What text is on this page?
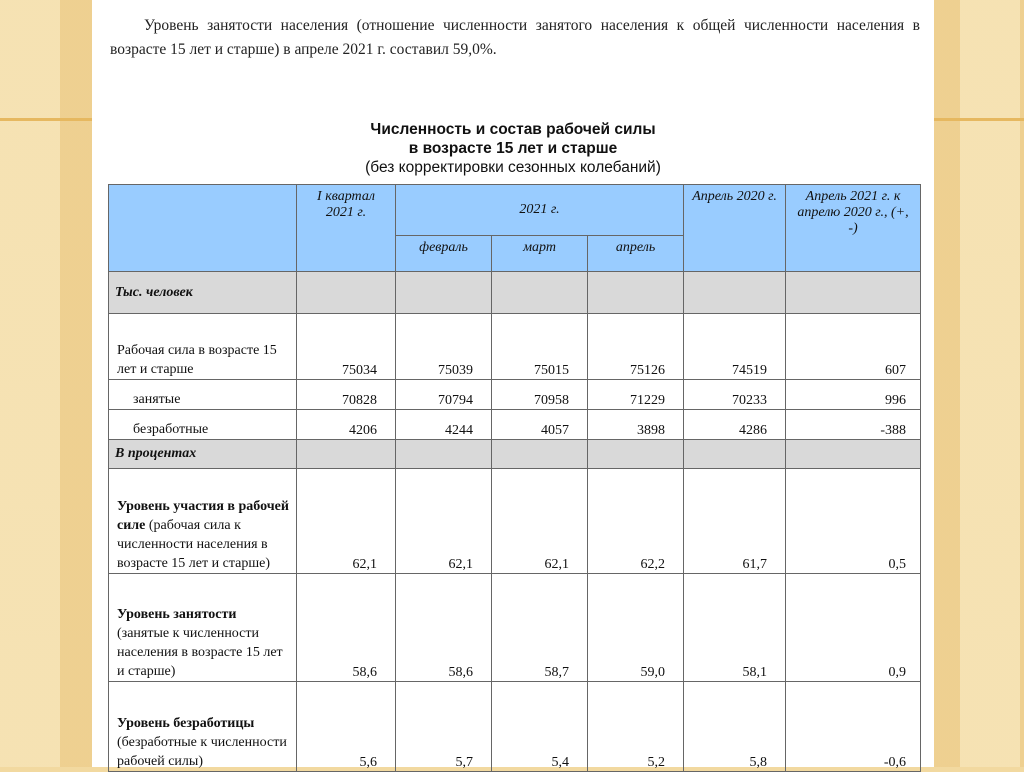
Уровень занятости населения (отношение численности занятого населения к общей численности населения в возрасте 15 лет и старше) в апреле 2021 г. составил 59,0%.
Численность и состав рабочей силы
в возрасте 15 лет и старше
(без корректировки сезонных колебаний)
	I квартал 2021 г.	2021 г.			Апрель 2020 г.	Апрель 2021 г. к апрелю 2020 г., (+, -)
		февраль	март	апрель		
Тыс. человек						
Рабочая сила в возрасте 15 лет и старше	75034	75039	75015	75126	74519	607
занятые	70828	70794	70958	71229	70233	996
безработные	4206	4244	4057	3898	4286	-388
В процентах						
Уровень участия в рабочей силе (рабочая сила к численности населения в возрасте 15 лет и старше)	62,1	62,1	62,1	62,2	61,7	0,5
Уровень занятости (занятые к численности населения в возрасте 15 лет и старше)	58,6	58,6	58,7	59,0	58,1	0,9
Уровень безработицы (безработные к численности рабочей силы)	5,6	5,7	5,4	5,2	5,8	-0,6
